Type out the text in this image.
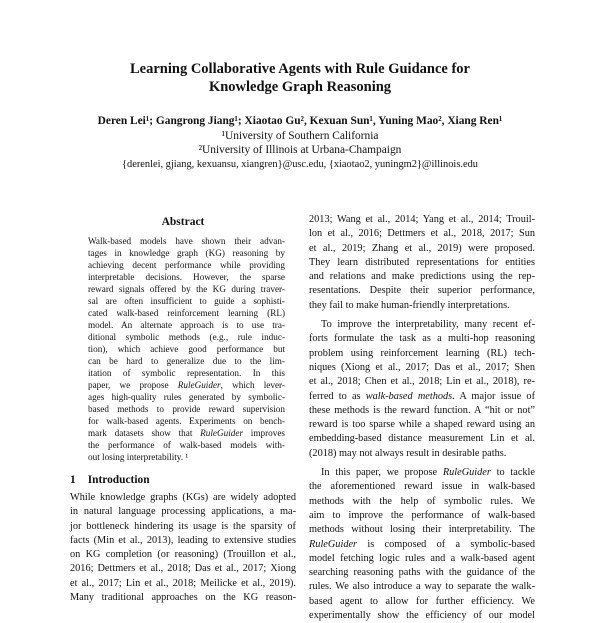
Learning Collaborative Agents with Rule Guidance for
Knowledge Graph Reasoning
Deren Lei¹; Gangrong Jiang¹; Xiaotao Gu², Kexuan Sun¹, Yuning Mao², Xiang Ren¹
¹University of Southern California
²University of Illinois at Urbana-Champaign
{derenlei, gjiang, kexuansu, xiangren}@usc.edu, {xiaotao2, yuningm2}@illinois.edu
Abstract
Walk-based models have shown their advan-
tages in knowledge graph (KG) reasoning by
achieving decent performance while providing
interpretable decisions. However, the sparse
reward signals offered by the KG during traver-
sal are often insufficient to guide a sophisti-
cated walk-based reinforcement learning (RL)
model. An alternate approach is to use tra-
ditional symbolic methods (e.g., rule induc-
tion), which achieve good performance but
can be hard to generalize due to the lim-
itation of symbolic representation. In this
paper, we propose RuleGuider, which lever-
ages high-quality rules generated by symbolic-
based methods to provide reward supervision
for walk-based agents. Experiments on bench-
mark datasets show that RuleGuider improves
the performance of walk-based models with-
out losing interpretability. ¹
1 Introduction
While knowledge graphs (KGs) are widely adopted
in natural language processing applications, a ma-
jor bottleneck hindering its usage is the sparsity of
facts (Min et al., 2013), leading to extensive studies
on KG completion (or reasoning) (Trouillon et al.,
2016; Dettmers et al., 2018; Das et al., 2017; Xiong
et al., 2017; Lin et al., 2018; Meilicke et al., 2019).
Many traditional approaches on the KG reason-
2013; Wang et al., 2014; Yang et al., 2014; Trouil-
lon et al., 2016; Dettmers et al., 2018, 2017; Sun
et al., 2019; Zhang et al., 2019) were proposed.
They learn distributed representations for entities
and relations and make predictions using the rep-
resentations. Despite their superior performance,
they fail to make human-friendly interpretations.
To improve the interpretability, many recent ef-
forts formulate the task as a multi-hop reasoning
problem using reinforcement learning (RL) tech-
niques (Xiong et al., 2017; Das et al., 2017; Shen
et al., 2018; Chen et al., 2018; Lin et al., 2018), re-
ferred to as walk-based methods. A major issue of
these methods is the reward function. A “hit or not”
reward is too sparse while a shaped reward using an
embedding-based distance measurement Lin et al.
(2018) may not always result in desirable paths.
In this paper, we propose RuleGuider to tackle
the aforementioned reward issue in walk-based
methods with the help of symbolic rules. We
aim to improve the performance of walk-based
methods without losing their interpretability. The
RuleGuider is composed of a symbolic-based
model fetching logic rules and a walk-based agent
searching reasoning paths with the guidance of the
rules. We also introduce a way to separate the walk-
based agent to allow for further efficiency. We
experimentally show the efficiency of our model
